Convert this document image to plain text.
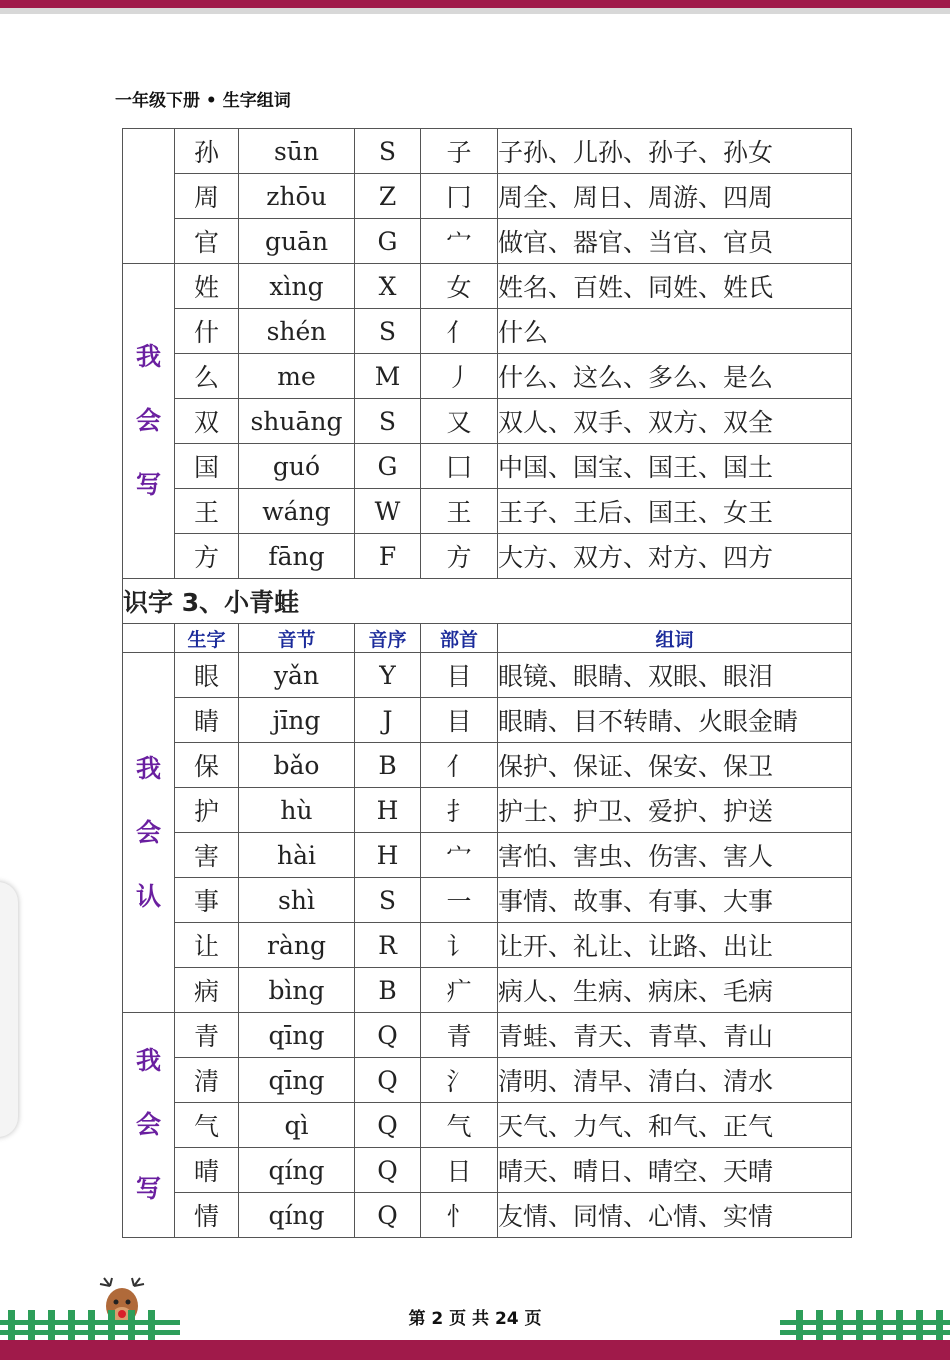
一年级下册 • 生字组词
	孙	sūn	S	子	子孙、儿孙、孙子、孙女
	周	zhōu	Z	冂	周全、周日、周游、四周
	官	guān	G	宀	做官、器官、当官、官员

我
会
写	姓	xìng	X	女	姓名、百姓、同姓、姓氏
	什	shén	S	亻	什么
	么	me	M	丿	什么、这么、多么、是么
	双	shuāng	S	又	双人、双手、双方、双全
	国	guó	G	囗	中国、国宝、国王、国土
	王	wáng	W	王	王子、王后、国王、女王
	方	fāng	F	方	大方、双方、对方、四方
识字 3、小青蛙					
	生字	音节	音序	部首	组词

我
会
认	眼	yǎn	Y	目	眼镜、眼睛、双眼、眼泪
	睛	jīng	J	目	眼睛、目不转睛、火眼金睛
	保	bǎo	B	亻	保护、保证、保安、保卫
	护	hù	H	扌	护士、护卫、爱护、护送
	害	hài	H	宀	害怕、害虫、伤害、害人
	事	shì	S	一	事情、故事、有事、大事
	让	ràng	R	讠	让开、礼让、让路、出让
	病	bìng	B	疒	病人、生病、病床、毛病

我
会
写	青	qīng	Q	青	青蛙、青天、青草、青山
	清	qīng	Q	氵	清明、清早、清白、清水
	气	qì	Q	气	天气、力气、和气、正气
	晴	qíng	Q	日	晴天、晴日、晴空、天晴
	情	qíng	Q	忄	友情、同情、心情、实情
第 2 页 共 24 页
